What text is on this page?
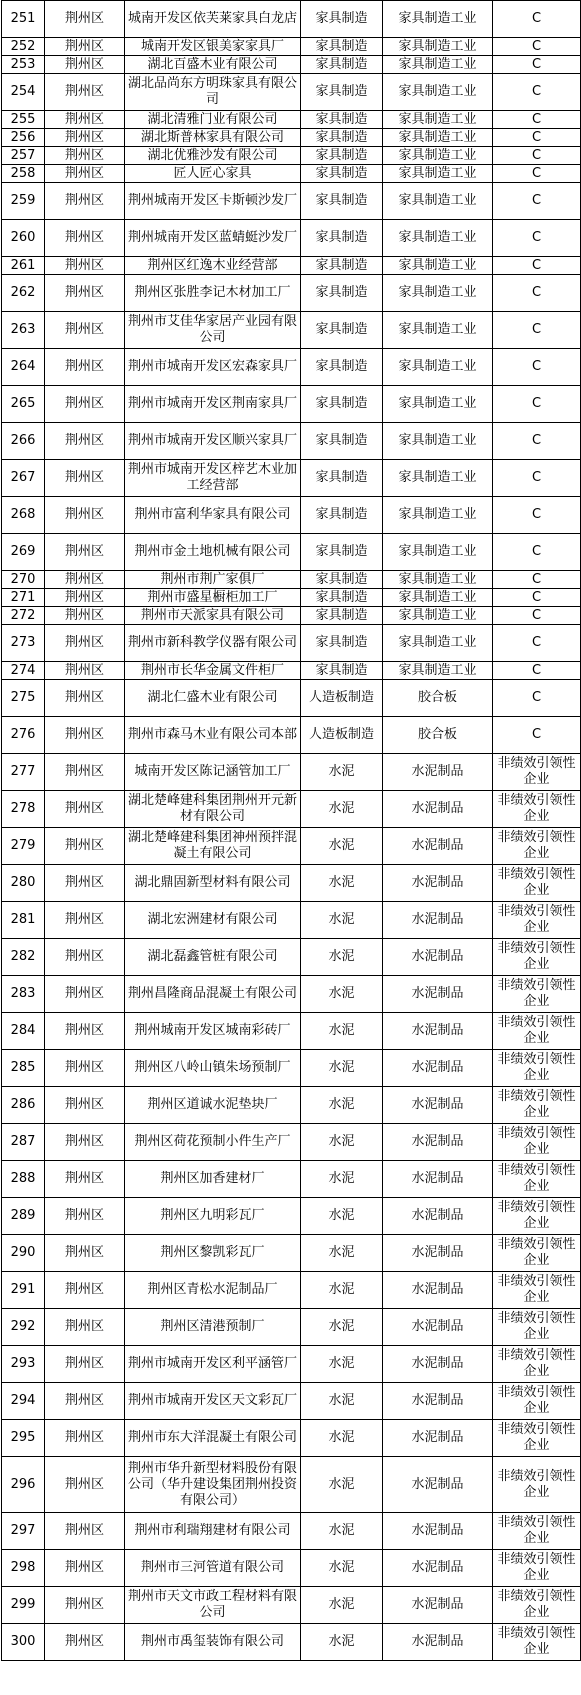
251	荆州区	城南开发区依芙莱家具白龙店	家具制造	家具制造工业	C
252	荆州区	城南开发区银美家家具厂	家具制造	家具制造工业	C
253	荆州区	湖北百盛木业有限公司	家具制造	家具制造工业	C
254	荆州区	湖北品尚东方明珠家具有限公司	家具制造	家具制造工业	C
255	荆州区	湖北清雅门业有限公司	家具制造	家具制造工业	C
256	荆州区	湖北斯普林家具有限公司	家具制造	家具制造工业	C
257	荆州区	湖北优雅沙发有限公司	家具制造	家具制造工业	C
258	荆州区	匠人匠心家具	家具制造	家具制造工业	C
259	荆州区	荆州城南开发区卡斯顿沙发厂	家具制造	家具制造工业	C
260	荆州区	荆州城南开发区蓝蜻蜓沙发厂	家具制造	家具制造工业	C
261	荆州区	荆州区红逸木业经营部	家具制造	家具制造工业	C
262	荆州区	荆州区张胜李记木材加工厂	家具制造	家具制造工业	C
263	荆州区	荆州市艾佳华家居产业园有限公司	家具制造	家具制造工业	C
264	荆州区	荆州市城南开发区宏森家具厂	家具制造	家具制造工业	C
265	荆州区	荆州市城南开发区荆南家具厂	家具制造	家具制造工业	C
266	荆州区	荆州市城南开发区顺兴家具厂	家具制造	家具制造工业	C
267	荆州区	荆州市城南开发区梓艺木业加工经营部	家具制造	家具制造工业	C
268	荆州区	荆州市富利华家具有限公司	家具制造	家具制造工业	C
269	荆州区	荆州市金土地机械有限公司	家具制造	家具制造工业	C
270	荆州区	荆州市荆广家俱厂	家具制造	家具制造工业	C
271	荆州区	荆州市盛星橱柜加工厂	家具制造	家具制造工业	C
272	荆州区	荆州市天派家具有限公司	家具制造	家具制造工业	C
273	荆州区	荆州市新科教学仪器有限公司	家具制造	家具制造工业	C
274	荆州区	荆州市长华金属文件柜厂	家具制造	家具制造工业	C
275	荆州区	湖北仁盛木业有限公司	人造板制造	胶合板	C
276	荆州区	荆州市森马木业有限公司本部	人造板制造	胶合板	C
277	荆州区	城南开发区陈记涵管加工厂	水泥	水泥制品	非绩效引领性企业
278	荆州区	湖北楚峰建科集团荆州开元新材有限公司	水泥	水泥制品	非绩效引领性企业
279	荆州区	湖北楚峰建科集团神州预拌混凝土有限公司	水泥	水泥制品	非绩效引领性企业
280	荆州区	湖北鼎固新型材料有限公司	水泥	水泥制品	非绩效引领性企业
281	荆州区	湖北宏洲建材有限公司	水泥	水泥制品	非绩效引领性企业
282	荆州区	湖北磊鑫管桩有限公司	水泥	水泥制品	非绩效引领性企业
283	荆州区	荆州昌隆商品混凝土有限公司	水泥	水泥制品	非绩效引领性企业
284	荆州区	荆州城南开发区城南彩砖厂	水泥	水泥制品	非绩效引领性企业
285	荆州区	荆州区八岭山镇朱场预制厂	水泥	水泥制品	非绩效引领性企业
286	荆州区	荆州区道诚水泥垫块厂	水泥	水泥制品	非绩效引领性企业
287	荆州区	荆州区荷花预制小件生产厂	水泥	水泥制品	非绩效引领性企业
288	荆州区	荆州区加香建材厂	水泥	水泥制品	非绩效引领性企业
289	荆州区	荆州区九明彩瓦厂	水泥	水泥制品	非绩效引领性企业
290	荆州区	荆州区黎凯彩瓦厂	水泥	水泥制品	非绩效引领性企业
291	荆州区	荆州区青松水泥制品厂	水泥	水泥制品	非绩效引领性企业
292	荆州区	荆州区清港预制厂	水泥	水泥制品	非绩效引领性企业
293	荆州区	荆州市城南开发区利平涵管厂	水泥	水泥制品	非绩效引领性企业
294	荆州区	荆州市城南开发区天文彩瓦厂	水泥	水泥制品	非绩效引领性企业
295	荆州区	荆州市东大洋混凝土有限公司	水泥	水泥制品	非绩效引领性企业
296	荆州区	荆州市华升新型材料股份有限公司（华升建设集团荆州投资有限公司）	水泥	水泥制品	非绩效引领性企业
297	荆州区	荆州市利瑞翔建材有限公司	水泥	水泥制品	非绩效引领性企业
298	荆州区	荆州市三河管道有限公司	水泥	水泥制品	非绩效引领性企业
299	荆州区	荆州市天文市政工程材料有限公司	水泥	水泥制品	非绩效引领性企业
300	荆州区	荆州市禹玺装饰有限公司	水泥	水泥制品	非绩效引领性企业
